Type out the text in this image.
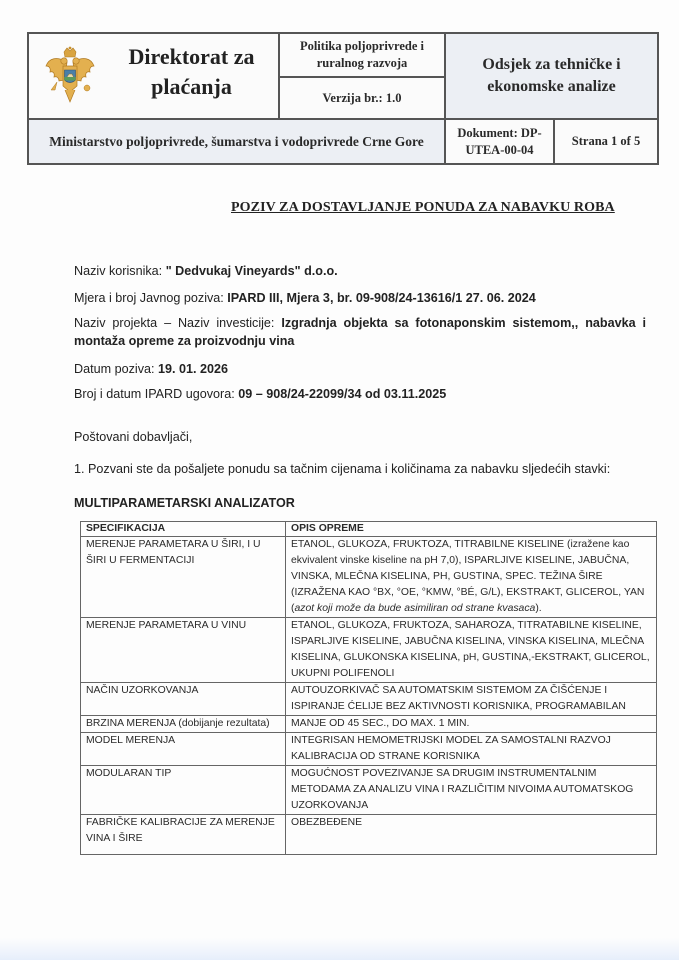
Direktorat za
plaćanja
Politika poljoprivrede i ruralnog razvoja
Verzija br.: 1.0
Odsjek za tehničke i ekonomske analize
Ministarstvo poljoprivrede, šumarstva i vodoprivrede Crne Gore
Dokument: DP-UTEA-00-04
Strana 1 of 5
POZIV ZA DOSTAVLJANJE PONUDA ZA NABAVKU ROBA
Naziv korisnika: " Dedvukaj Vineyards" d.o.o.
Mjera i broj Javnog poziva: IPARD III, Mjera 3, br. 09-908/24-13616/1 27. 06. 2024
Naziv projekta – Naziv investicije: Izgradnja objekta sa fotonaponskim sistemom,, nabavka i montaža opreme za proizvodnju vina
Datum poziva: 19. 01. 2026
Broj i datum IPARD ugovora: 09 – 908/24-22099/34 od 03.11.2025
Poštovani dobavljači,
1. Pozvani ste da pošaljete ponudu sa tačnim cijenama i količinama za nabavku sljedećih stavki:
MULTIPARAMETARSKI ANALIZATOR
SPECIFIKACIJA	OPIS OPREME
MERENJE PARAMETARA U ŠIRI, I U ŠIRI U FERMENTACIJI	ETANOL, GLUKOZA, FRUKTOZA, TITRABILNE KISELINE (izražene kao ekvivalent vinske kiseline na pH 7,0), ISPARLJIVE KISELINE, JABUČNA, VINSKA, MLEČNA KISELINA, PH, GUSTINA, SPEC. TEŽINA ŠIRE (IZRAŽENA KAO °BX, °OE, °KMW, °BÉ, G/L), EKSTRAKT, GLICEROL, YAN (azot koji može da bude asimiliran od strane kvasaca).
MERENJE PARAMETARA U VINU	ETANOL, GLUKOZA, FRUKTOZA, SAHAROZA, TITRATABILNE KISELINE, ISPARLJIVE KISELINE, JABUČNA KISELINA, VINSKA KISELINA, MLEČNA KISELINA, GLUKONSKA KISELINA, pH, GUSTINA,-EKSTRAKT, GLICEROL, UKUPNI POLIFENOLI
NAČIN UZORKOVANJA	AUTOUZORKIVAČ SA AUTOMATSKIM SISTEMOM ZA ČIŠĆENJE I ISPIRANJE ĆELIJE BEZ AKTIVNOSTI KORISNIKA, PROGRAMABILAN
BRZINA MERENJA (dobijanje rezultata)	MANJE OD 45 SEC., DO MAX. 1 MIN.
MODEL MERENJA	INTEGRISAN HEMOMETRIJSKI MODEL ZA SAMOSTALNI RAZVOJ KALIBRACIJA OD STRANE KORISNIKA
MODULARAN TIP	MOGUĆNOST POVEZIVANJE SA DRUGIM INSTRUMENTALNIM METODAMA ZA ANALIZU VINA I RAZLIČITIM NIVOIMA AUTOMATSKOG UZORKOVANJA
FABRIČKE KALIBRACIJE ZA MERENJE VINA I ŠIRE	OBEZBEĐENE
